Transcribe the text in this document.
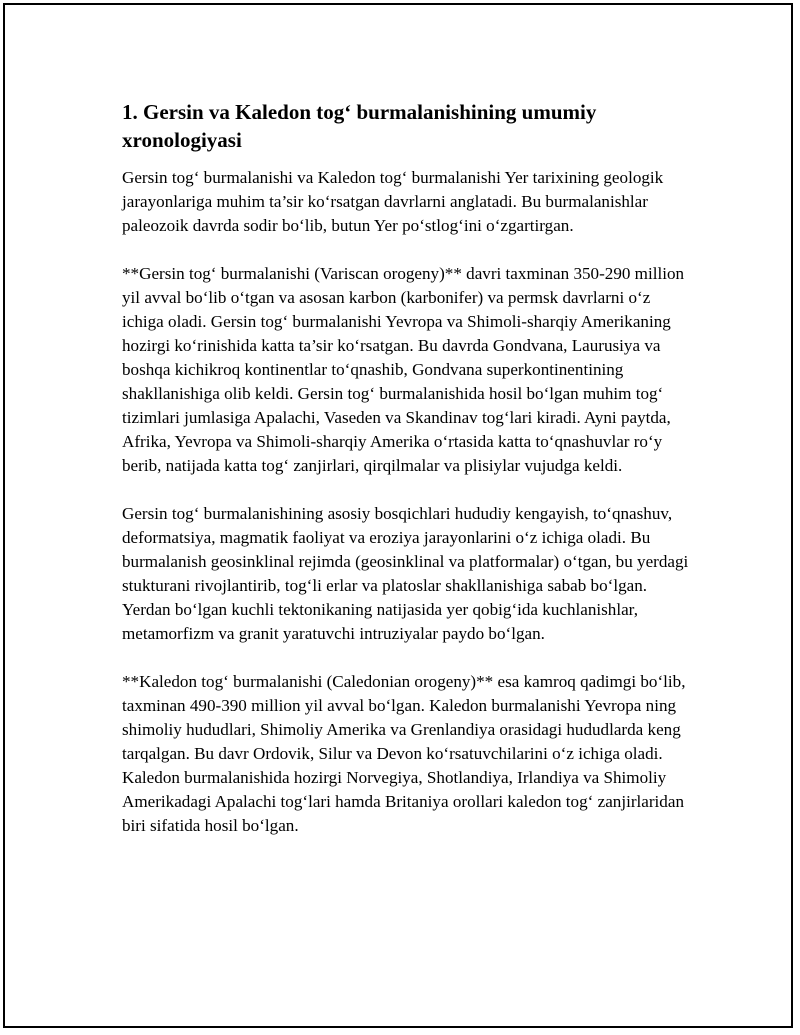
1. Gersin va Kaledon tog‘ burmalanishining umumiy xronologiyasi

Gersin tog‘ burmalanishi va Kaledon tog‘ burmalanishi Yer tarixining geologik jarayonlariga muhim ta’sir ko‘rsatgan davrlarni anglatadi. Bu burmalanishlar paleozoik davrda sodir bo‘lib, butun Yer po‘stlog‘ini o‘zgartirgan.

**Gersin tog‘ burmalanishi (Variscan orogeny)** davri taxminan 350-290 million yil avval bo‘lib o‘tgan va asosan karbon (karbonifer) va permsk davrlarni o‘z ichiga oladi. Gersin tog‘ burmalanishi Yevropa va Shimoli-sharqiy Amerikaning hozirgi ko‘rinishida katta ta’sir ko‘rsatgan. Bu davrda Gondvana, Laurusiya va boshqa kichikroq kontinentlar to‘qnashib, Gondvana superkontinentining shakllanishiga olib keldi. Gersin tog‘ burmalanishida hosil bo‘lgan muhim tog‘ tizimlari jumlasiga Apalachi, Vaseden va Skandinav tog‘lari kiradi. Ayni paytda, Afrika, Yevropa va Shimoli-sharqiy Amerika o‘rtasida katta to‘qnashuvlar ro‘y berib, natijada katta tog‘ zanjirlari, qirqilmalar va plisiylar vujudga keldi.

Gersin tog‘ burmalanishining asosiy bosqichlari hududiy kengayish, to‘qnashuv, deformatsiya, magmatik faoliyat va eroziya jarayonlarini o‘z ichiga oladi. Bu burmalanish geosinklinal rejimda (geosinklinal va platformalar) o‘tgan, bu yerdagi stukturani rivojlantirib, tog‘li erlar va platoslar shakllanishiga sabab bo‘lgan. Yerdan bo‘lgan kuchli tektonikaning natijasida yer qobig‘ida kuchlanishlar, metamorfizm va granit yaratuvchi intruziyalar paydo bo‘lgan.

**Kaledon tog‘ burmalanishi (Caledonian orogeny)** esa kamroq qadimgi bo‘lib, taxminan 490-390 million yil avval bo‘lgan. Kaledon burmalanishi Yevropa ning shimoliy hududlari, Shimoliy Amerika va Grenlandiya orasidagi hududlarda keng tarqalgan. Bu davr Ordovik, Silur va Devon ko‘rsatuvchilarini o‘z ichiga oladi. Kaledon burmalanishida hozirgi Norvegiya, Shotlandiya, Irlandiya va Shimoliy Amerikadagi Apalachi tog‘lari hamda Britaniya orollari kaledon tog‘ zanjirlaridan biri sifatida hosil bo‘lgan.
